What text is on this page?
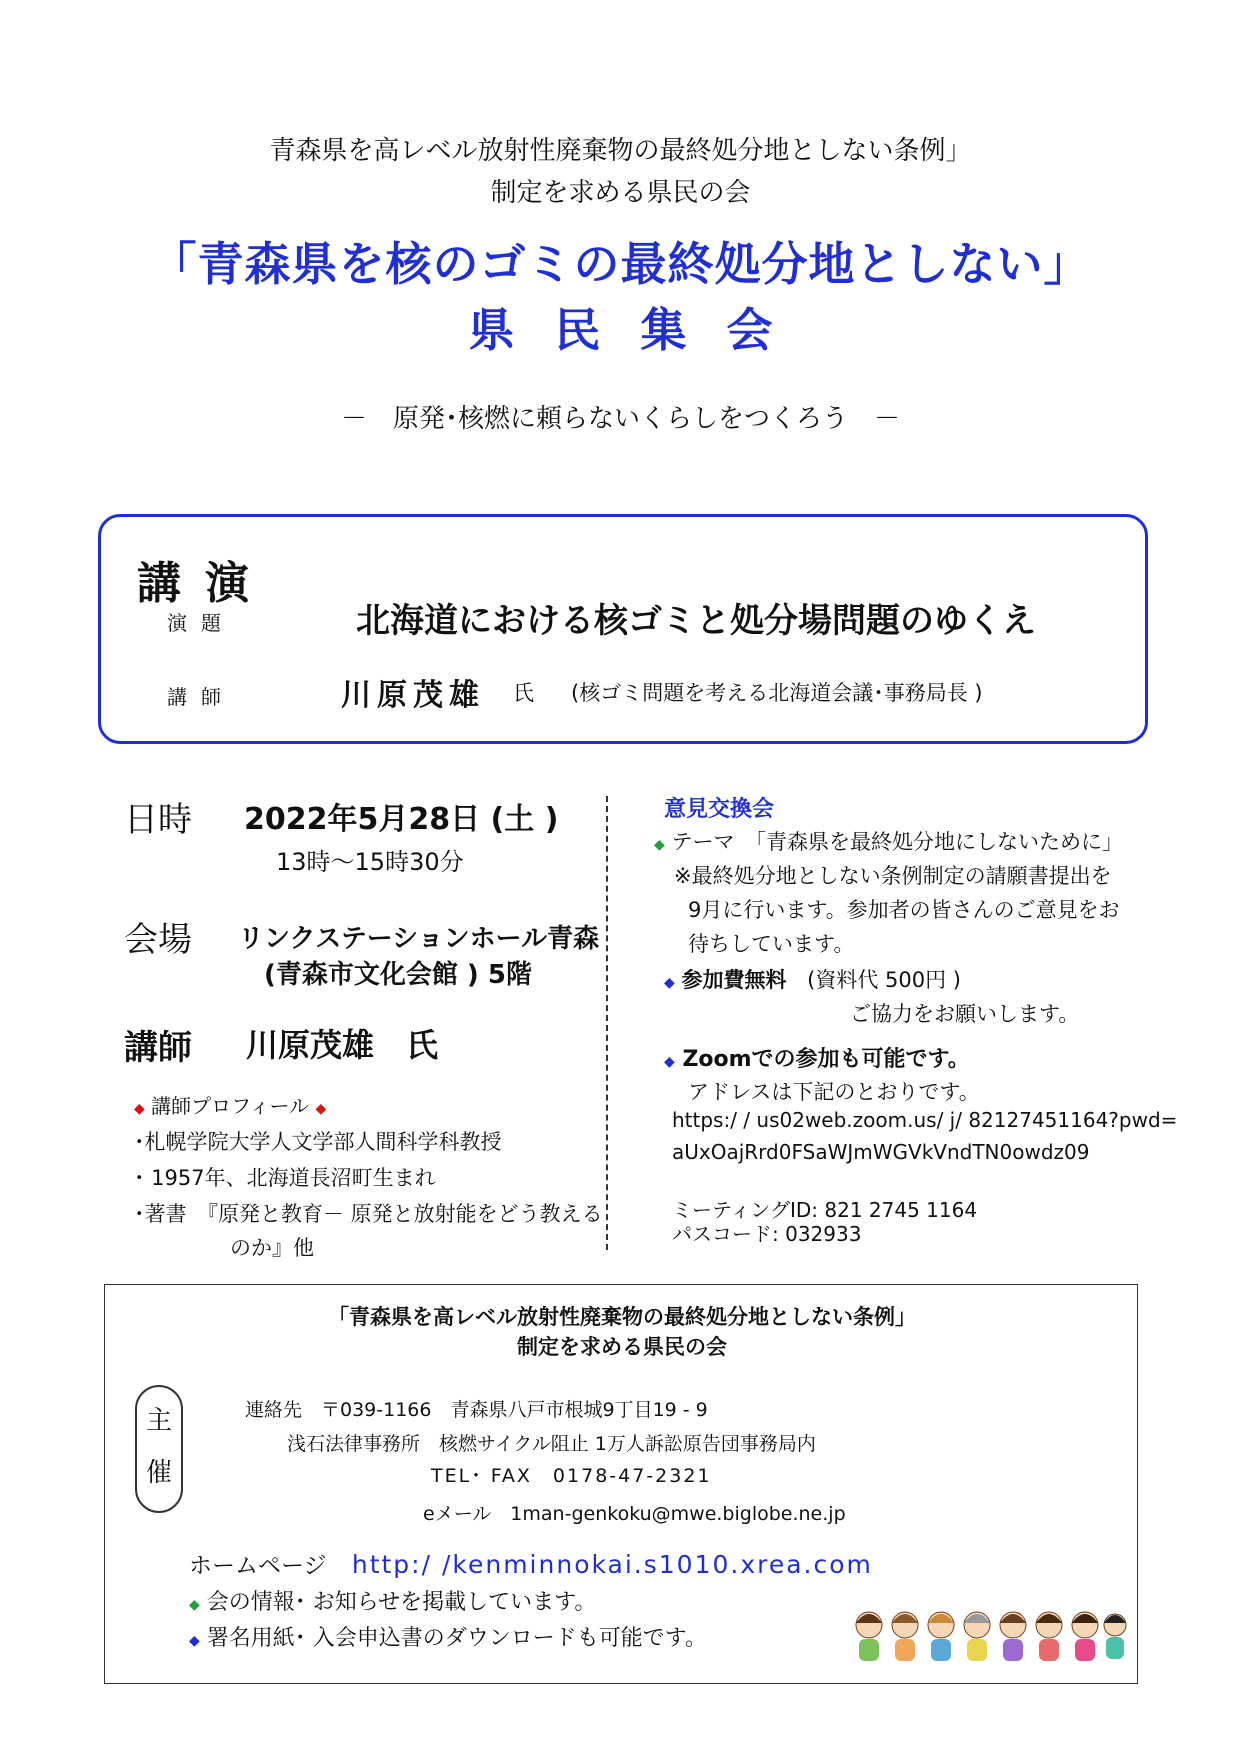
青森県を高レベル放射性廃棄物の最終処分地としない条例」
制定を求める県民の会
「青森県を核のゴミの最終処分地としない」
県民集会
－　原発･核燃に頼らないくらしをつくろう　－
講演
演題	北海道における核ゴミと処分場問題のゆくえ
講師	川原茂雄 氏 (核ゴミ問題を考える北海道会議･事務局長 )
日時 2022年5月28日 (土 )
13時～15時30分
会場 リンクステーションホール青森
(青森市文化会館 ) 5階
講師 川原茂雄　氏
◆ 講師プロフィール ◆
･札幌学院大学人文学部人間科学科教授
･ 1957年、北海道長沼町生まれ
･著書　『原発と教育－ 原発と放射能をどう教える
のか』他
意見交換会
◆ テーマ　「青森県を最終処分地にしないために」
※最終処分地としない条例制定の請願書提出を
9月に行います。参加者の皆さんのご意見をお
待ちしています。
◆ 参加費無料 (資料代 500円 )
ご協力をお願いします。
◆ Zoomでの参加も可能です。
アドレスは下記のとおりです。
https:/ / us02web.zoom.us/ j/ 82127451164?pwd=
aUxOajRrd0FSaWJmWGVkVndTN0owdz09
ミーティングID: 821 2745 1164
パスコード: 032933
「青森県を高レベル放射性廃棄物の最終処分地としない条例」
制定を求める県民の会
主
催
連絡先　〒039-1166　青森県八戸市根城9丁目19 - 9
浅石法律事務所　核燃サイクル阻止 1万人訴訟原告団事務局内
TEL･ FAX　0178-47-2321
eメール　1man-genkoku@mwe.biglobe.ne.jp
ホームページ http:/ /kenminnokai.s1010.xrea.com
◆ 会の情報･ お知らせを掲載しています。
◆ 署名用紙･ 入会申込書のダウンロードも可能です。
